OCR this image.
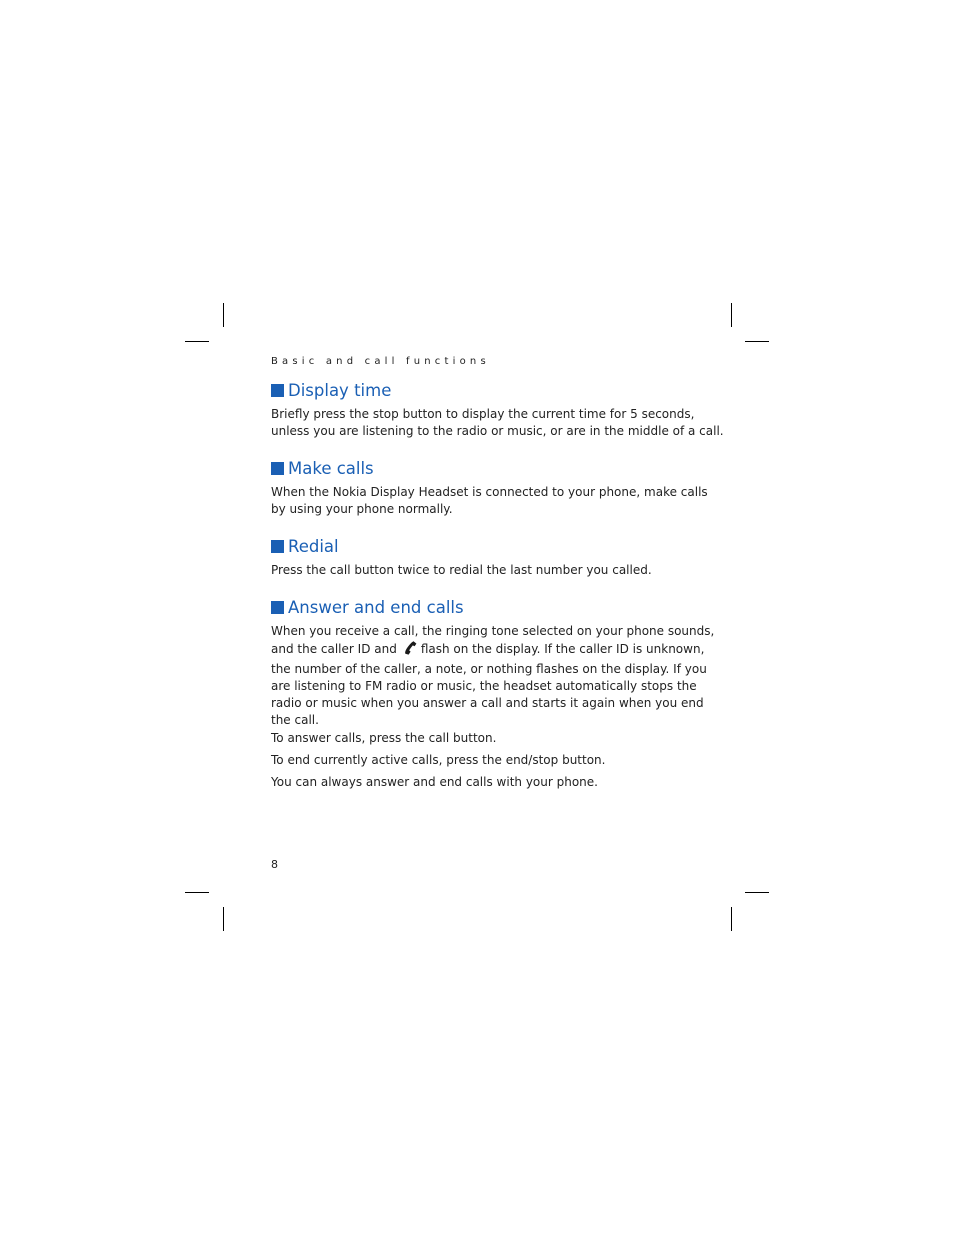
Basic and call functions
Display time

Briefly press the stop button to display the current time for 5 seconds,
unless you are listening to the radio or music, or are in the middle of a call.

Make calls

When the Nokia Display Headset is connected to your phone, make calls
by using your phone normally.

Redial

Press the call button twice to redial the last number you called.

Answer and end calls

When you receive a call, the ringing tone selected on your phone sounds,
and the caller ID and flash on the display. If the caller ID is unknown,
the number of the caller, a note, or nothing flashes on the display. If you
are listening to FM radio or music, the headset automatically stops the
radio or music when you answer a call and starts it again when you end
the call.

To answer calls, press the call button.

To end currently active calls, press the end/stop button.

You can always answer and end calls with your phone.

8
